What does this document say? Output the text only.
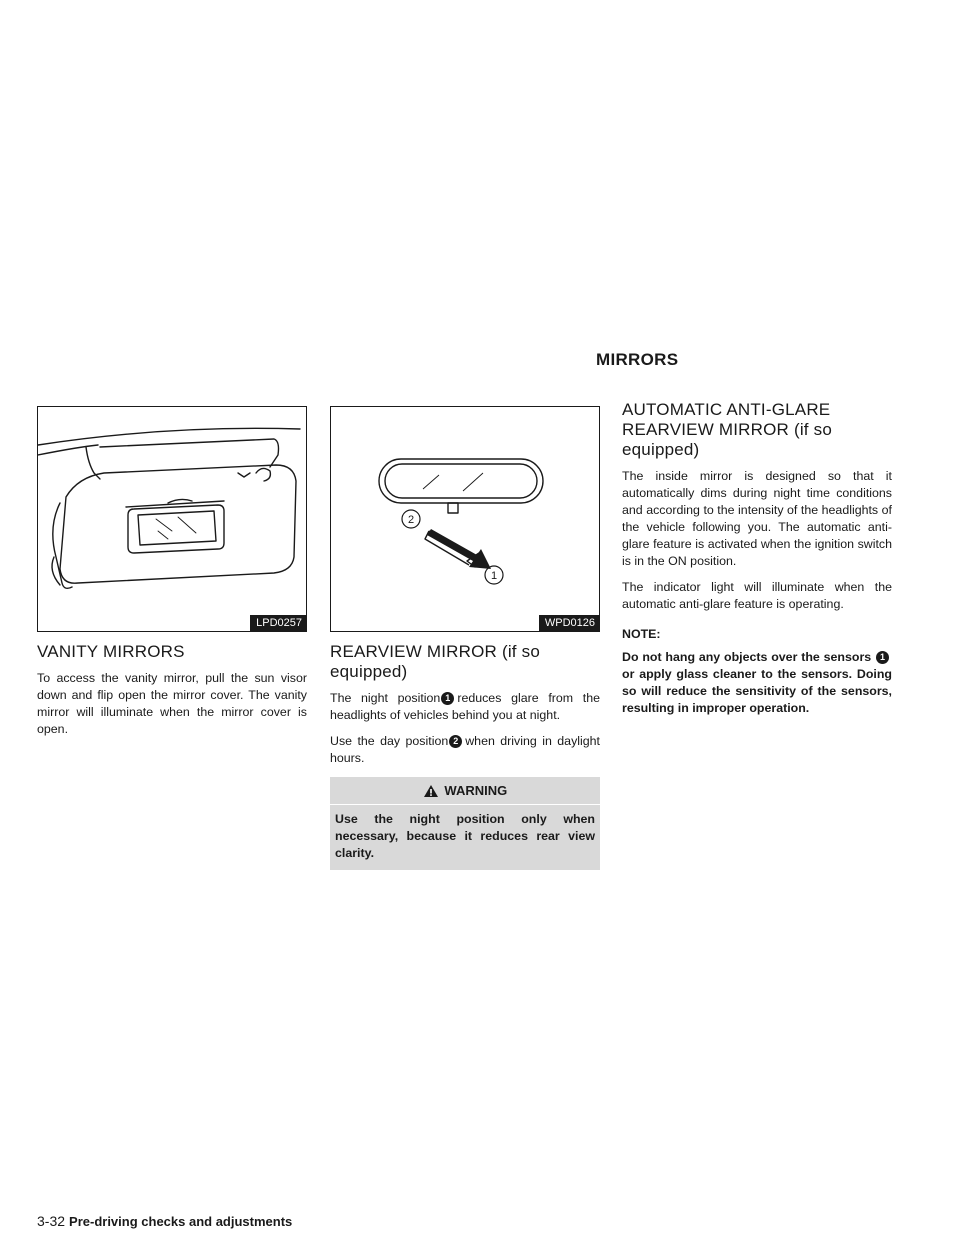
MIRRORS
LPD0257
VANITY MIRRORS

To access the vanity mirror, pull the sun visor down and flip open the mirror cover. The vanity mirror will illuminate when the mirror cover is open.

2
1
WPD0126
REARVIEW MIRROR (if so equipped)

The night position 1 reduces glare from the headlights of vehicles behind you at night.

Use the day position 2 when driving in daylight hours.

WARNING
Use the night position only when necessary, because it reduces rear view clarity.
AUTOMATIC ANTI-GLARE
REARVIEW MIRROR (if so equipped)

The inside mirror is designed so that it automatically dims during night time conditions and according to the intensity of the headlights of the vehicle following you. The automatic anti-glare feature is activated when the ignition switch is in the ON position.

The indicator light will illuminate when the automatic anti-glare feature is operating.

NOTE:

Do not hang any objects over the sensors 1or apply glass cleaner to the sensors. Doing so will reduce the sensitivity of the sensors, resulting in improper operation.

3-32 Pre-driving checks and adjustments
